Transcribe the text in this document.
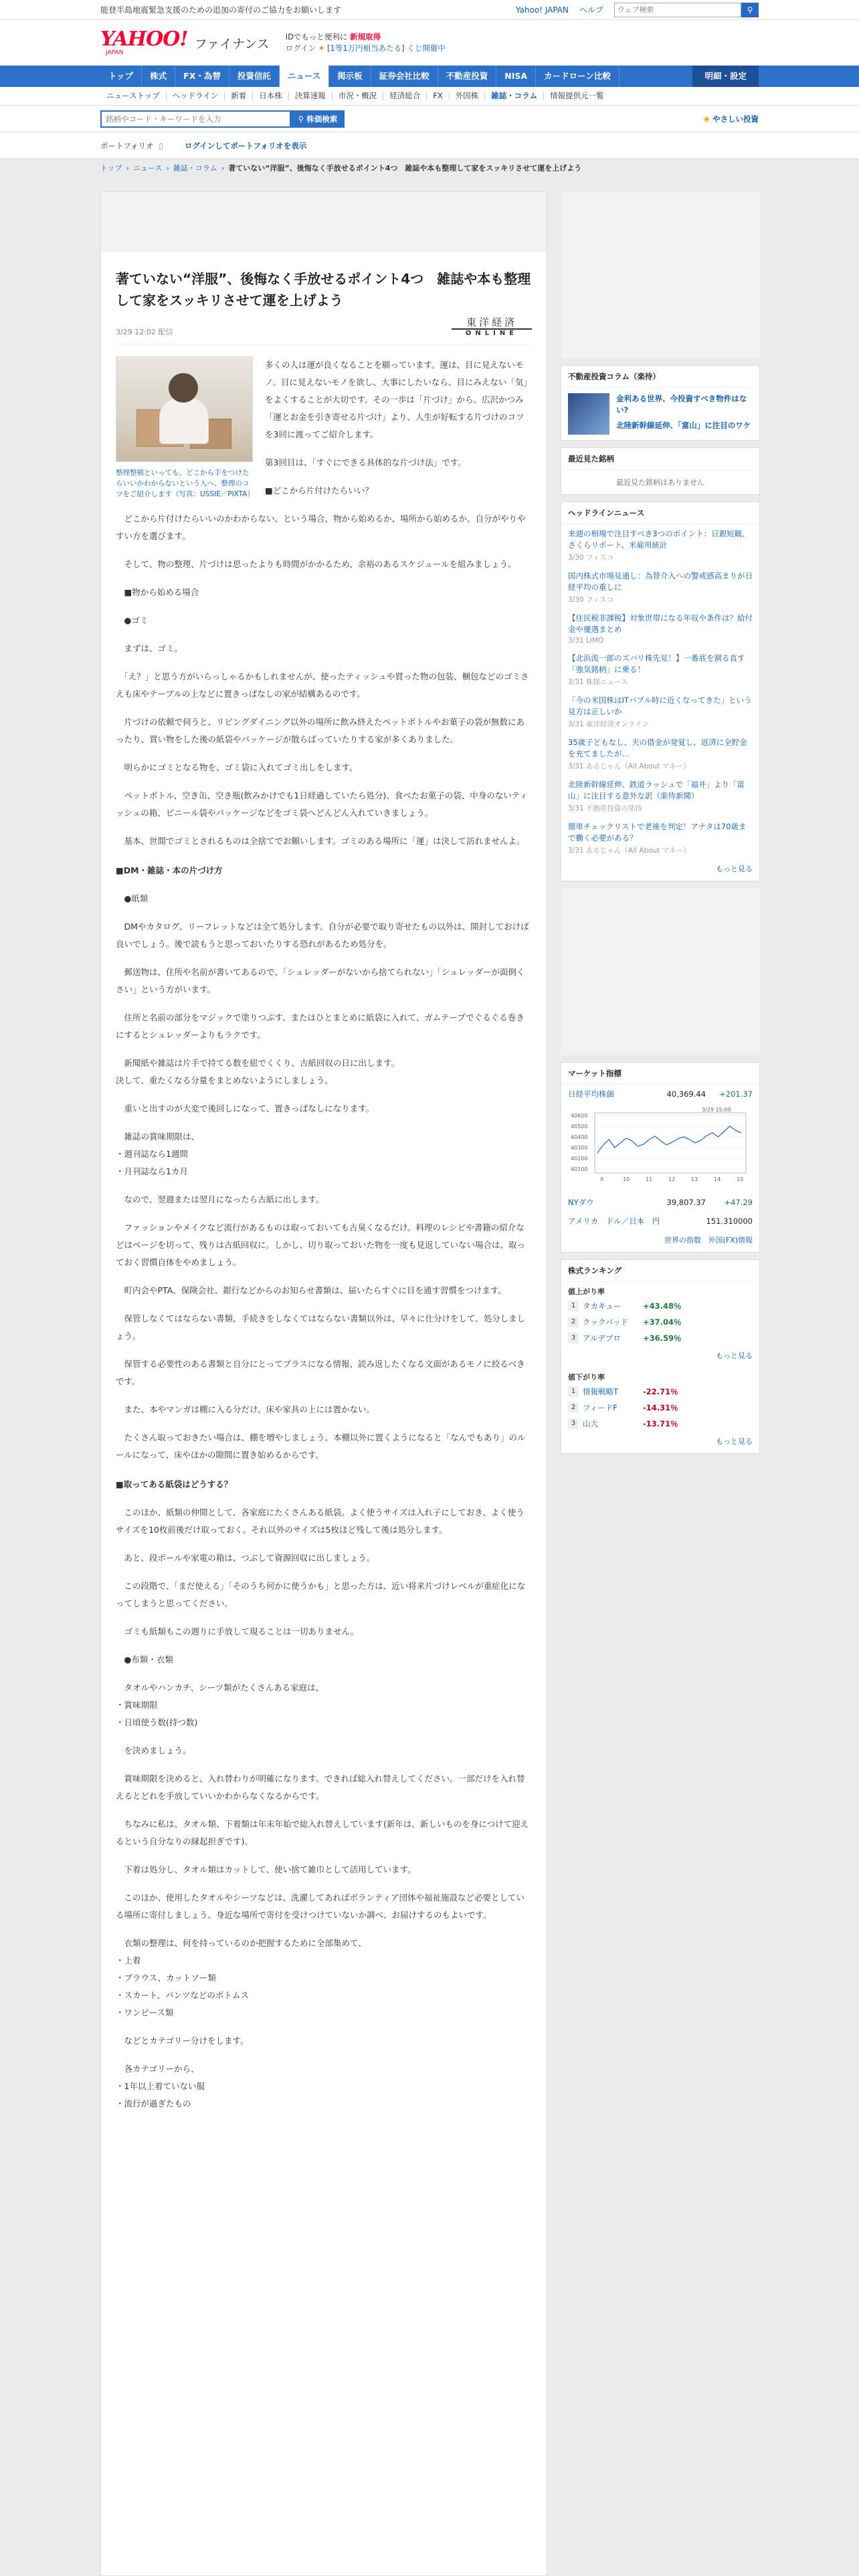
能登半島地震緊急支援のための追加の寄付のご協力をお願いします	Yahoo! JAPAN ヘルプ
ウェブ検索	⚲
YAHOO!
JAPAN
ファイナンス IDでもっと便利に 新規取得
ログイン ✦ [1等1万円相当あたる] くじ開催中
トップ	株式	FX・為替	投資信託	ニュース	掲示板	証券会社比較	不動産投資	NISA	カードローン比較	明細・設定
ニューストップ	ヘッドライン	新着	日本株	決算速報	市況・概況	経済総合	FX	外国株	雑誌・コラム	情報提供元一覧
銘柄やコード・キーワードを入力
⚲ 株価検索	❀ やさしい投資
ポートフォリオ ▯	ログインしてポートフォリオを表示
トップ › ニュース › 雑誌・コラム › 著ていない“洋服”、後悔なく手放せるポイント4つ　雑誌や本も整理して家をスッキリさせて運を上げよう
著ていない“洋服”、後悔なく手放せるポイント4つ　雑誌や本も整理して家をスッキリさせて運を上げよう
3/29 12:02 配信
東洋経済
ONLINE
整理整頓といっても、どこから手をつけたらいいかわからないという人へ、整理のコツをご紹介します（写真：USSIE／PIXTA）
多くの人は運が良くなることを願っています。運は、目に見えないモノ。目に見えないモノを欲し、大事にしたいなら、目にみえない「気」をよくすることが大切です。その一歩は「片づけ」から。広沢かつみ「運とお金を引き寄せる片づけ」より、人生が好転する片づけのコツを3回に渡ってご紹介します。
第3回目は、「すぐにできる具体的な片づけ法」です。
■どこから片付けたらいい？
　どこから片付けたらいいのかわからない、という場合、物から始めるか、場所から始めるか、自分がやりやすい方を選びます。
　そして、物の整理、片づけは思ったよりも時間がかかるため、余裕のあるスケジュールを組みましょう。
　■物から始める場合
　●ゴミ
　まずは、ゴミ。
　「え？」と思う方がいらっしゃるかもしれませんが、使ったティッシュや買った物の包装、梱包などのゴミさえも床やテーブルの上などに置きっぱなしの家が結構あるのです。
　片づけの依頼で伺うと、リビングダイニング以外の場所に飲み終えたペットボトルやお菓子の袋が無数にあったり、買い物をした後の紙袋やパッケージが散らばっていたりする家が多くありました。
　明らかにゴミとなる物を、ゴミ袋に入れてゴミ出しをします。
　ペットボトル、空き缶、空き瓶(飲みかけでも1日経過していたら処分)、食べたお菓子の袋、中身のないティッシュの箱、ビニール袋やパッケージなどをゴミ袋へどんどん入れていきましょう。
　基本、世間でゴミとされるものは全捨てでお願いします。ゴミのある場所に「運」は決して訪れませんよ。
■DM・雑誌・本の片づけ方
　●紙類
　DMやカタログ、リーフレットなどは全て処分します。自分が必要で取り寄せたもの以外は、開封しておけば良いでしょう。後で読もうと思っておいたりする恐れがあるため処分を。
　郵送物は、住所や名前が書いてあるので、「シュレッダーがないから捨てられない」「シュレッダーが面倒くさい」という方がいます。
　住所と名前の部分をマジックで塗りつぶす、またはひとまとめに紙袋に入れて、ガムテープでぐるぐる巻きにするとシュレッダーよりもラクです。
　新聞紙や雑誌は片手で持てる数を紐でくくり、古紙回収の日に出します。
決して、重たくなる分量をまとめないようにしましょう。
　重いと出すのが大変で後回しになって、置きっぱなしになります。
　雑誌の賞味期限は、
・週刊誌なら1週間
・月刊誌なら1カ月
　なので、翌週または翌月になったら古紙に出します。
　ファッションやメイクなど流行があるものは取っておいても古臭くなるだけ。料理のレシピや書籍の紹介などはページを切って、残りは古紙回収に。しかし、切り取っておいた物を一度も見返していない場合は、取っておく習慣自体をやめましょう。
　町内会やPTA、保険会社、銀行などからのお知らせ書類は、届いたらすぐに目を通す習慣をつけます。
　保管しなくてはならない書類、手続きをしなくてはならない書類以外は、早々に仕分けをして、処分しましょう。
　保管する必要性のある書類と自分にとってプラスになる情報、読み返したくなる文面があるモノに絞るべきです。
　また、本やマンガは棚に入る分だけ。床や家具の上には置かない。
　たくさん取っておきたい場合は、棚を増やしましょう。本棚以外に置くようになると「なんでもあり」のルールになって、床やほかの隙間に置き始めるからです。
■取ってある紙袋はどうする？
　このほか、紙類の仲間として、各家庭にたくさんある紙袋。よく使うサイズは入れ子にしておき、よく使うサイズを10枚前後だけ取っておく。それ以外のサイズは5枚ほど残して後は処分します。
　あと、段ボールや家電の箱は、つぶして資源回収に出しましょう。
　この段階で、「まだ使える」「そのうち何かに使うかも」と思った方は、近い将来片づけレベルが重症化になってしまうと思ってください。
　ゴミも紙類もこの週りに手放して現ることは一切ありません。
　●布類・衣類
　タオルやハンカチ、シーツ類がたくさんある家庭は、
・賞味期限
・日頃使う数(持つ数)
　を決めましょう。
　賞味期限を決めると、入れ替わりが明確になります。できれば総入れ替えしてください。一部だけを入れ替えるとどれを手放していいかわからなくなるからです。
　ちなみに私は、タオル類、下着類は年末年始で総入れ替えしています(新年は、新しいものを身につけて迎えるという自分なりの縁起担ぎです)。
　下着は処分し、タオル類はカットして、使い捨て雑巾として活用しています。
　このほか、使用したタオルやシーツなどは、洗濯してあればボランティア団体や福祉施設など必要としている場所に寄付しましょう。身近な場所で寄付を受けつけていないか調べ、お届けするのもよいです。
　衣類の整理は、何を持っているのか把握するために全部集めて、
・上着
・ブラウス、カットソー類
・スカート、パンツなどのボトムス
・ワンピース類
　などとカテゴリー分けをします。
　各カテゴリーから、
・1年以上着ていない服
・流行が過ぎたもの
不動産投資コラム（楽待）
金利ある世界、今投資すべき物件はない?
北陸新幹線延伸、「富山」に注目のワケ
最近見た銘柄
最近見た銘柄はありません
ヘッドラインニュース
来週の相場で注目すべき3つのポイント：日銀短観、さくらリポート、米雇用統計
3/30 フィスコ
国内株式市場見通し：為替介入への警戒感高まりが日経平均の重しに
3/30 フィスコ
【住民税非課税】対象世帯になる年収や条件は？給付金や優遇まとめ
3/31 LIMO
【北浜流一郎のズバリ株先見！】一番底を割る直す「強気銘柄」に乗る！
3/31 株探ニュース
「今の米国株はITバブル時に近くなってきた」という見方は正しいか
3/31 東洋経済オンライン
35歳子どもなし、夫の借金が発覚し、返済に全貯金を充てましたが…
3/31 あるじゃん（All About マネー）
北陸新幹線延伸、鉄道ラッシュで「福井」より「富山」に注目する意外な訳（楽待新聞）
3/31 不動産投資の楽待
簡単チェックリストで老後を判定！アナタは70歳まで働く必要がある？
3/31 あるじゃん（All About マネー）
もっと見る
マーケット指標
日経平均株価	40,369.44	+201.37
40600
40500
40400
40300
40200
40100
9	10	11	12	13	14	15
3/29 15:00
NYダウ	39,807.37	+47.29
アメリカ　ドル／日本　円	151.310000
世界の指数 外国(FX)情報
株式ランキング
値上がり率
1 タカキュー	+43.48％
2 クックパッド	+37.04％
3 アルデプロ	+36.59％
もっと見る
値下がり率
1 情報戦略T	-22.71％
2 フィードF	-14.31％
3 山大	-13.71％
もっと見る
